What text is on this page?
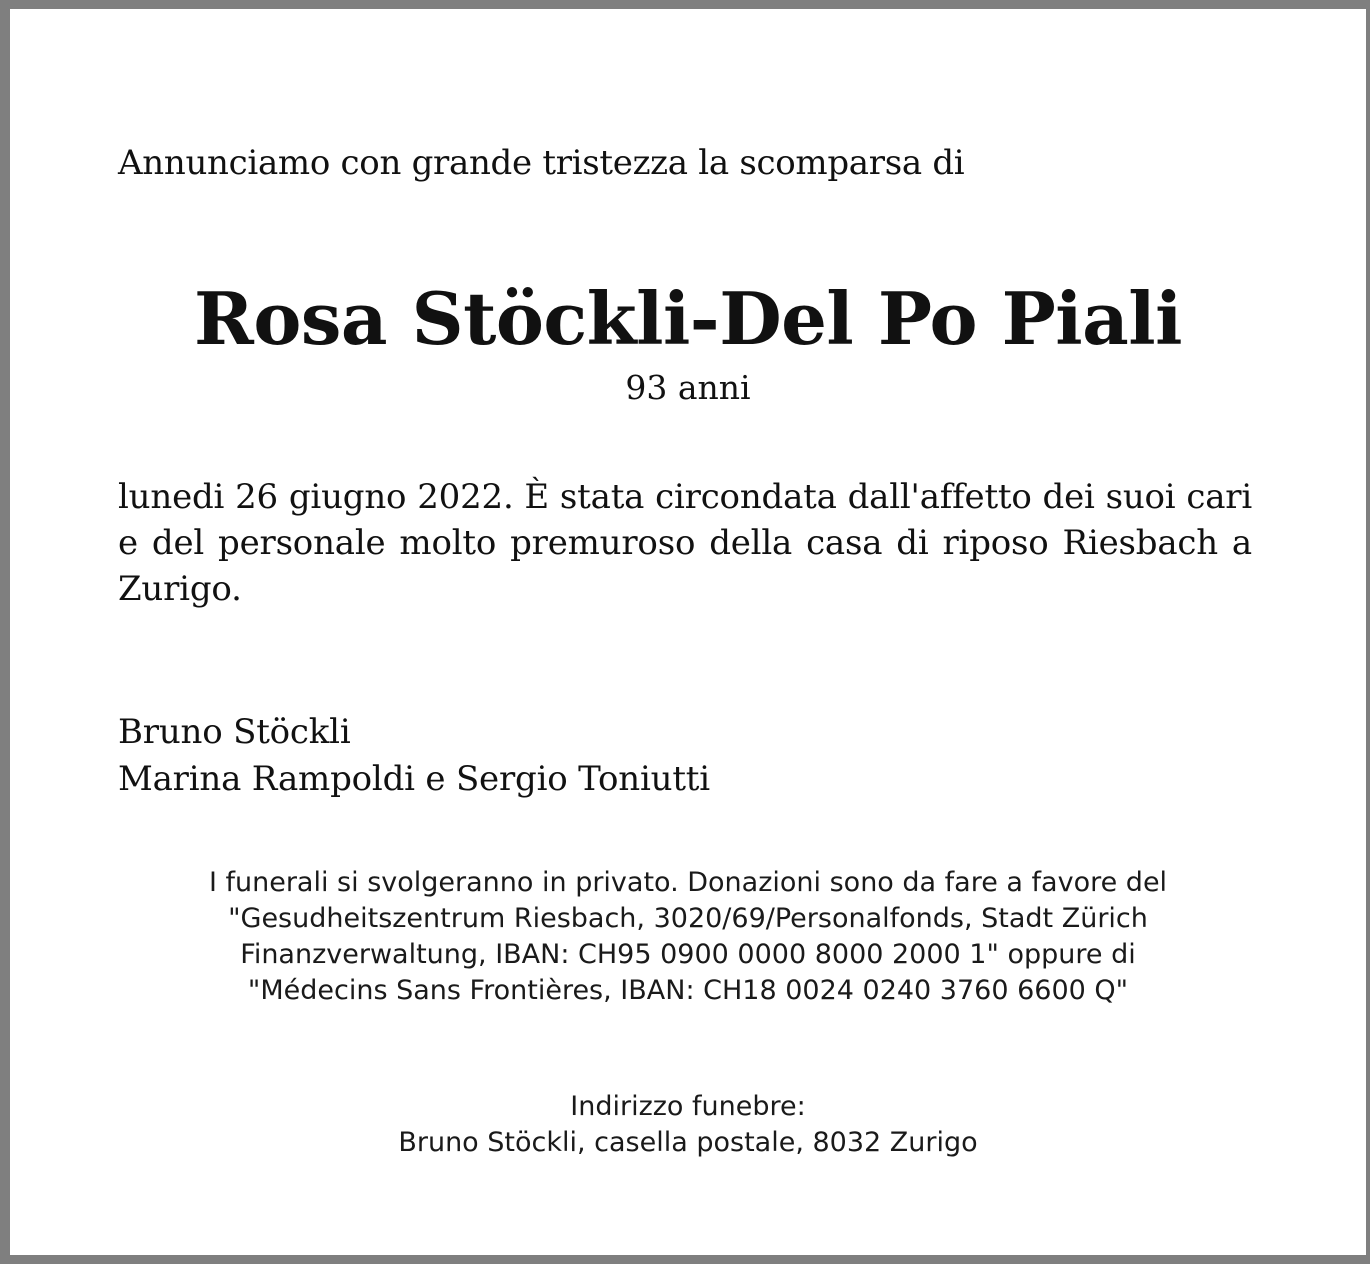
Annunciamo con grande tristezza la scomparsa di
Rosa Stöckli-Del Po Piali
93 anni
lunedi 26 giugno 2022. È stata circondata dall'affetto dei suoi cari e del personale molto premuroso della casa di riposo Riesbach a Zurigo.
Bruno Stöckli
Marina Rampoldi e Sergio Toniutti
I funerali si svolgeranno in privato. Donazioni sono da fare a favore del
"Gesudheitszentrum Riesbach, 3020/69/Personalfonds, Stadt Zürich
Finanzverwaltung, IBAN: CH95 0900 0000 8000 2000 1" oppure di
"Médecins Sans Frontières, IBAN: CH18 0024 0240 3760 6600 Q"
Indirizzo funebre:
Bruno Stöckli, casella postale, 8032 Zurigo
